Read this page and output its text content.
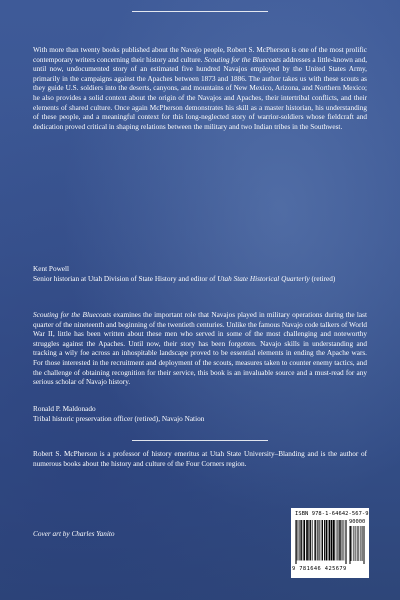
With more than twenty books published about the Navajo people, Robert S. McPherson is one of the most prolific contemporary writers concerning their history and culture. Scouting for the Bluecoats addresses a little-known and, until now, undocumented story of an estimated five hundred Navajos employed by the United States Army, primarily in the campaigns against the Apaches between 1873 and 1886. The author takes us with these scouts as they guide U.S. soldiers into the deserts, canyons, and mountains of New Mexico, Arizona, and Northern Mexico; he also provides a solid context about the origin of the Navajos and Apaches, their intertribal conflicts, and their elements of shared culture. Once again McPherson demonstrates his skill as a master historian, his understanding of these people, and a meaningful context for this long-neglected story of warrior-soldiers whose fieldcraft and dedication proved critical in shaping relations between the military and two Indian tribes in the Southwest.

Kent Powell
Senior historian at Utah Division of State History and editor of Utah State Historical Quarterly (retired)

Scouting for the Bluecoats examines the important role that Navajos played in military operations during the last quarter of the nineteenth and beginning of the twentieth centuries. Unlike the famous Navajo code talkers of World War II, little has been written about these men who served in some of the most challenging and noteworthy struggles against the Apaches. Until now, their story has been forgotten. Navajo skills in understanding and tracking a wily foe across an inhospitable landscape proved to be essential elements in ending the Apache wars. For those interested in the recruitment and deployment of the scouts, measures taken to counter enemy tactics, and the challenge of obtaining recognition for their service, this book is an invaluable source and a must-read for any serious scholar of Navajo history.

Ronald P. Maldonado
Tribal historic preservation officer (retired), Navajo Nation

Robert S. McPherson is a professor of history emeritus at Utah State University–Blanding and is the author of numerous books about the history and culture of the Four Corners region.

Cover art by Charles Yanito
ISBN 978-1-64642-567-9
90000
9 781646 425679
